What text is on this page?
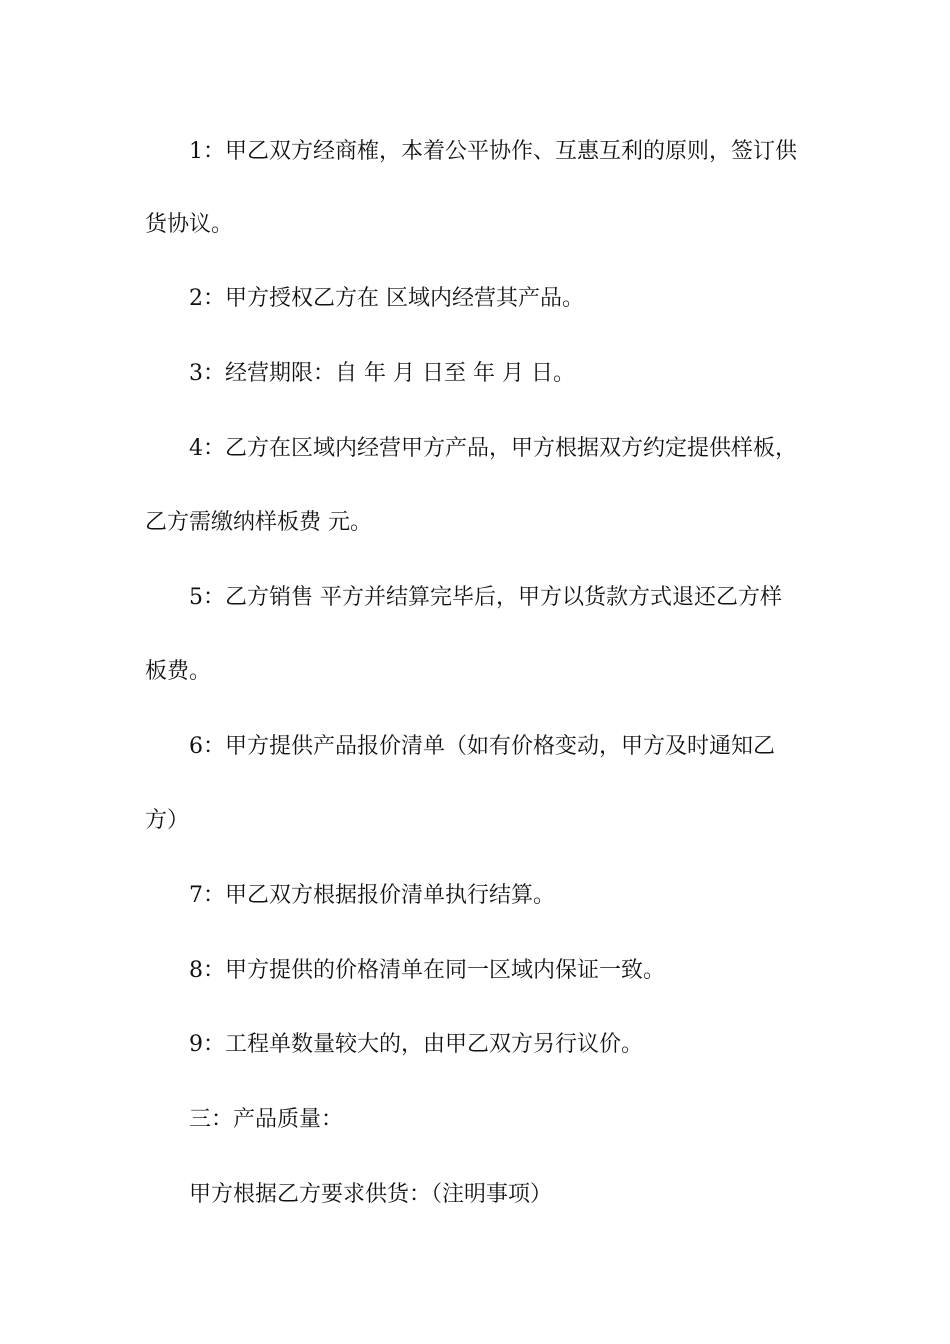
1：甲乙双方经商榷，本着公平协作、互惠互利的原则，签订供
货协议。
2：甲方授权乙方在 区域内经营其产品。
3：经营期限：自 年 月 日至 年 月 日。
4：乙方在区域内经营甲方产品，甲方根据双方约定提供样板，
乙方需缴纳样板费 元。
5：乙方销售 平方并结算完毕后，甲方以货款方式退还乙方样
板费。
6：甲方提供产品报价清单（如有价格变动，甲方及时通知乙
方）
7：甲乙双方根据报价清单执行结算。
8：甲方提供的价格清单在同一区域内保证一致。
9：工程单数量较大的，由甲乙双方另行议价。
三：产品质量：
甲方根据乙方要求供货：（注明事项）
